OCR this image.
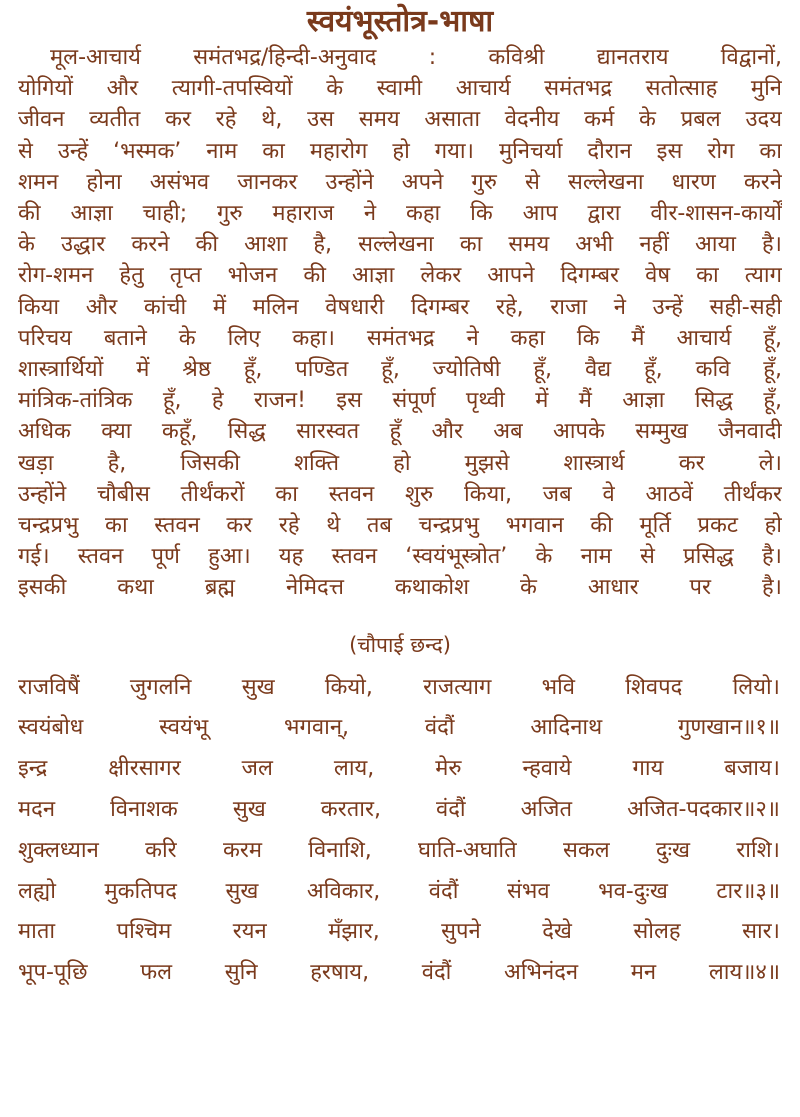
स्वयंभूस्तोत्र-भाषा
मूल-आचार्य समंतभद्र/हिन्दी-अनुवाद : कविश्री द्यानतराय विद्वानों,
योगियों और त्यागी-तपस्वियों के स्वामी आचार्य समंतभद्र सतोत्साह मुनि
जीवन व्यतीत कर रहे थे, उस समय असाता वेदनीय कर्म के प्रबल उदय
से उन्हें ‘भस्मक’ नाम का महारोग हो गया। मुनिचर्या दौरान इस रोग का
शमन होना असंभव जानकर उन्होंने अपने गुरु से सल्लेखना धारण करने
की आज्ञा चाही; गुरु महाराज ने कहा कि आप द्वारा वीर-शासन-कार्यों
के उद्धार करने की आशा है, सल्लेखना का समय अभी नहीं आया है।
रोग-शमन हेतु तृप्त भोजन की आज्ञा लेकर आपने दिगम्बर वेष का त्याग
किया और कांची में मलिन वेषधारी दिगम्बर रहे, राजा ने उन्हें सही-सही
परिचय बताने के लिए कहा। समंतभद्र ने कहा कि मैं आचार्य हूँ,
शास्त्रार्थियों में श्रेष्ठ हूँ, पण्डित हूँ, ज्योतिषी हूँ, वैद्य हूँ, कवि हूँ,
मांत्रिक-तांत्रिक हूँ, हे राजन! इस संपूर्ण पृथ्वी में मैं आज्ञा सिद्ध हूँ,
अधिक क्या कहूँ, सिद्ध सारस्वत हूँ और अब आपके सम्मुख जैनवादी
खड़ा है, जिसकी शक्ति हो मुझसे शास्त्रार्थ कर ले।
उन्होंने चौबीस तीर्थंकरों का स्तवन शुरु किया, जब वे आठवें तीर्थंकर
चन्द्रप्रभु का स्तवन कर रहे थे तब चन्द्रप्रभु भगवान की मूर्ति प्रकट हो
गई। स्तवन पूर्ण हुआ। यह स्तवन ‘स्वयंभूस्त्रोत’ के नाम से प्रसिद्ध है।
इसकी कथा ब्रह्म नेमिदत्त कथाकोश के आधार पर है।
(चौपाई छन्द)
राजविषैं जुगलनि सुख कियो, राजत्याग भवि शिवपद लियो।
स्वयंबोध स्वयंभू भगवान्, वंदौं आदिनाथ गुणखान॥१॥
इन्द्र क्षीरसागर जल लाय, मेरु न्हवाये गाय बजाय।
मदन विनाशक सुख करतार, वंदौं अजित अजित-पदकार॥२॥
शुक्लध्यान करि करम विनाशि, घाति-अघाति सकल दुःख राशि।
लह्यो मुकतिपद सुख अविकार, वंदौं संभव भव-दुःख टार॥३॥
माता पश्चिम रयन मँझार, सुपने देखे सोलह सार।
भूप-पूछि फल सुनि हरषाय, वंदौं अभिनंदन मन लाय॥४॥
